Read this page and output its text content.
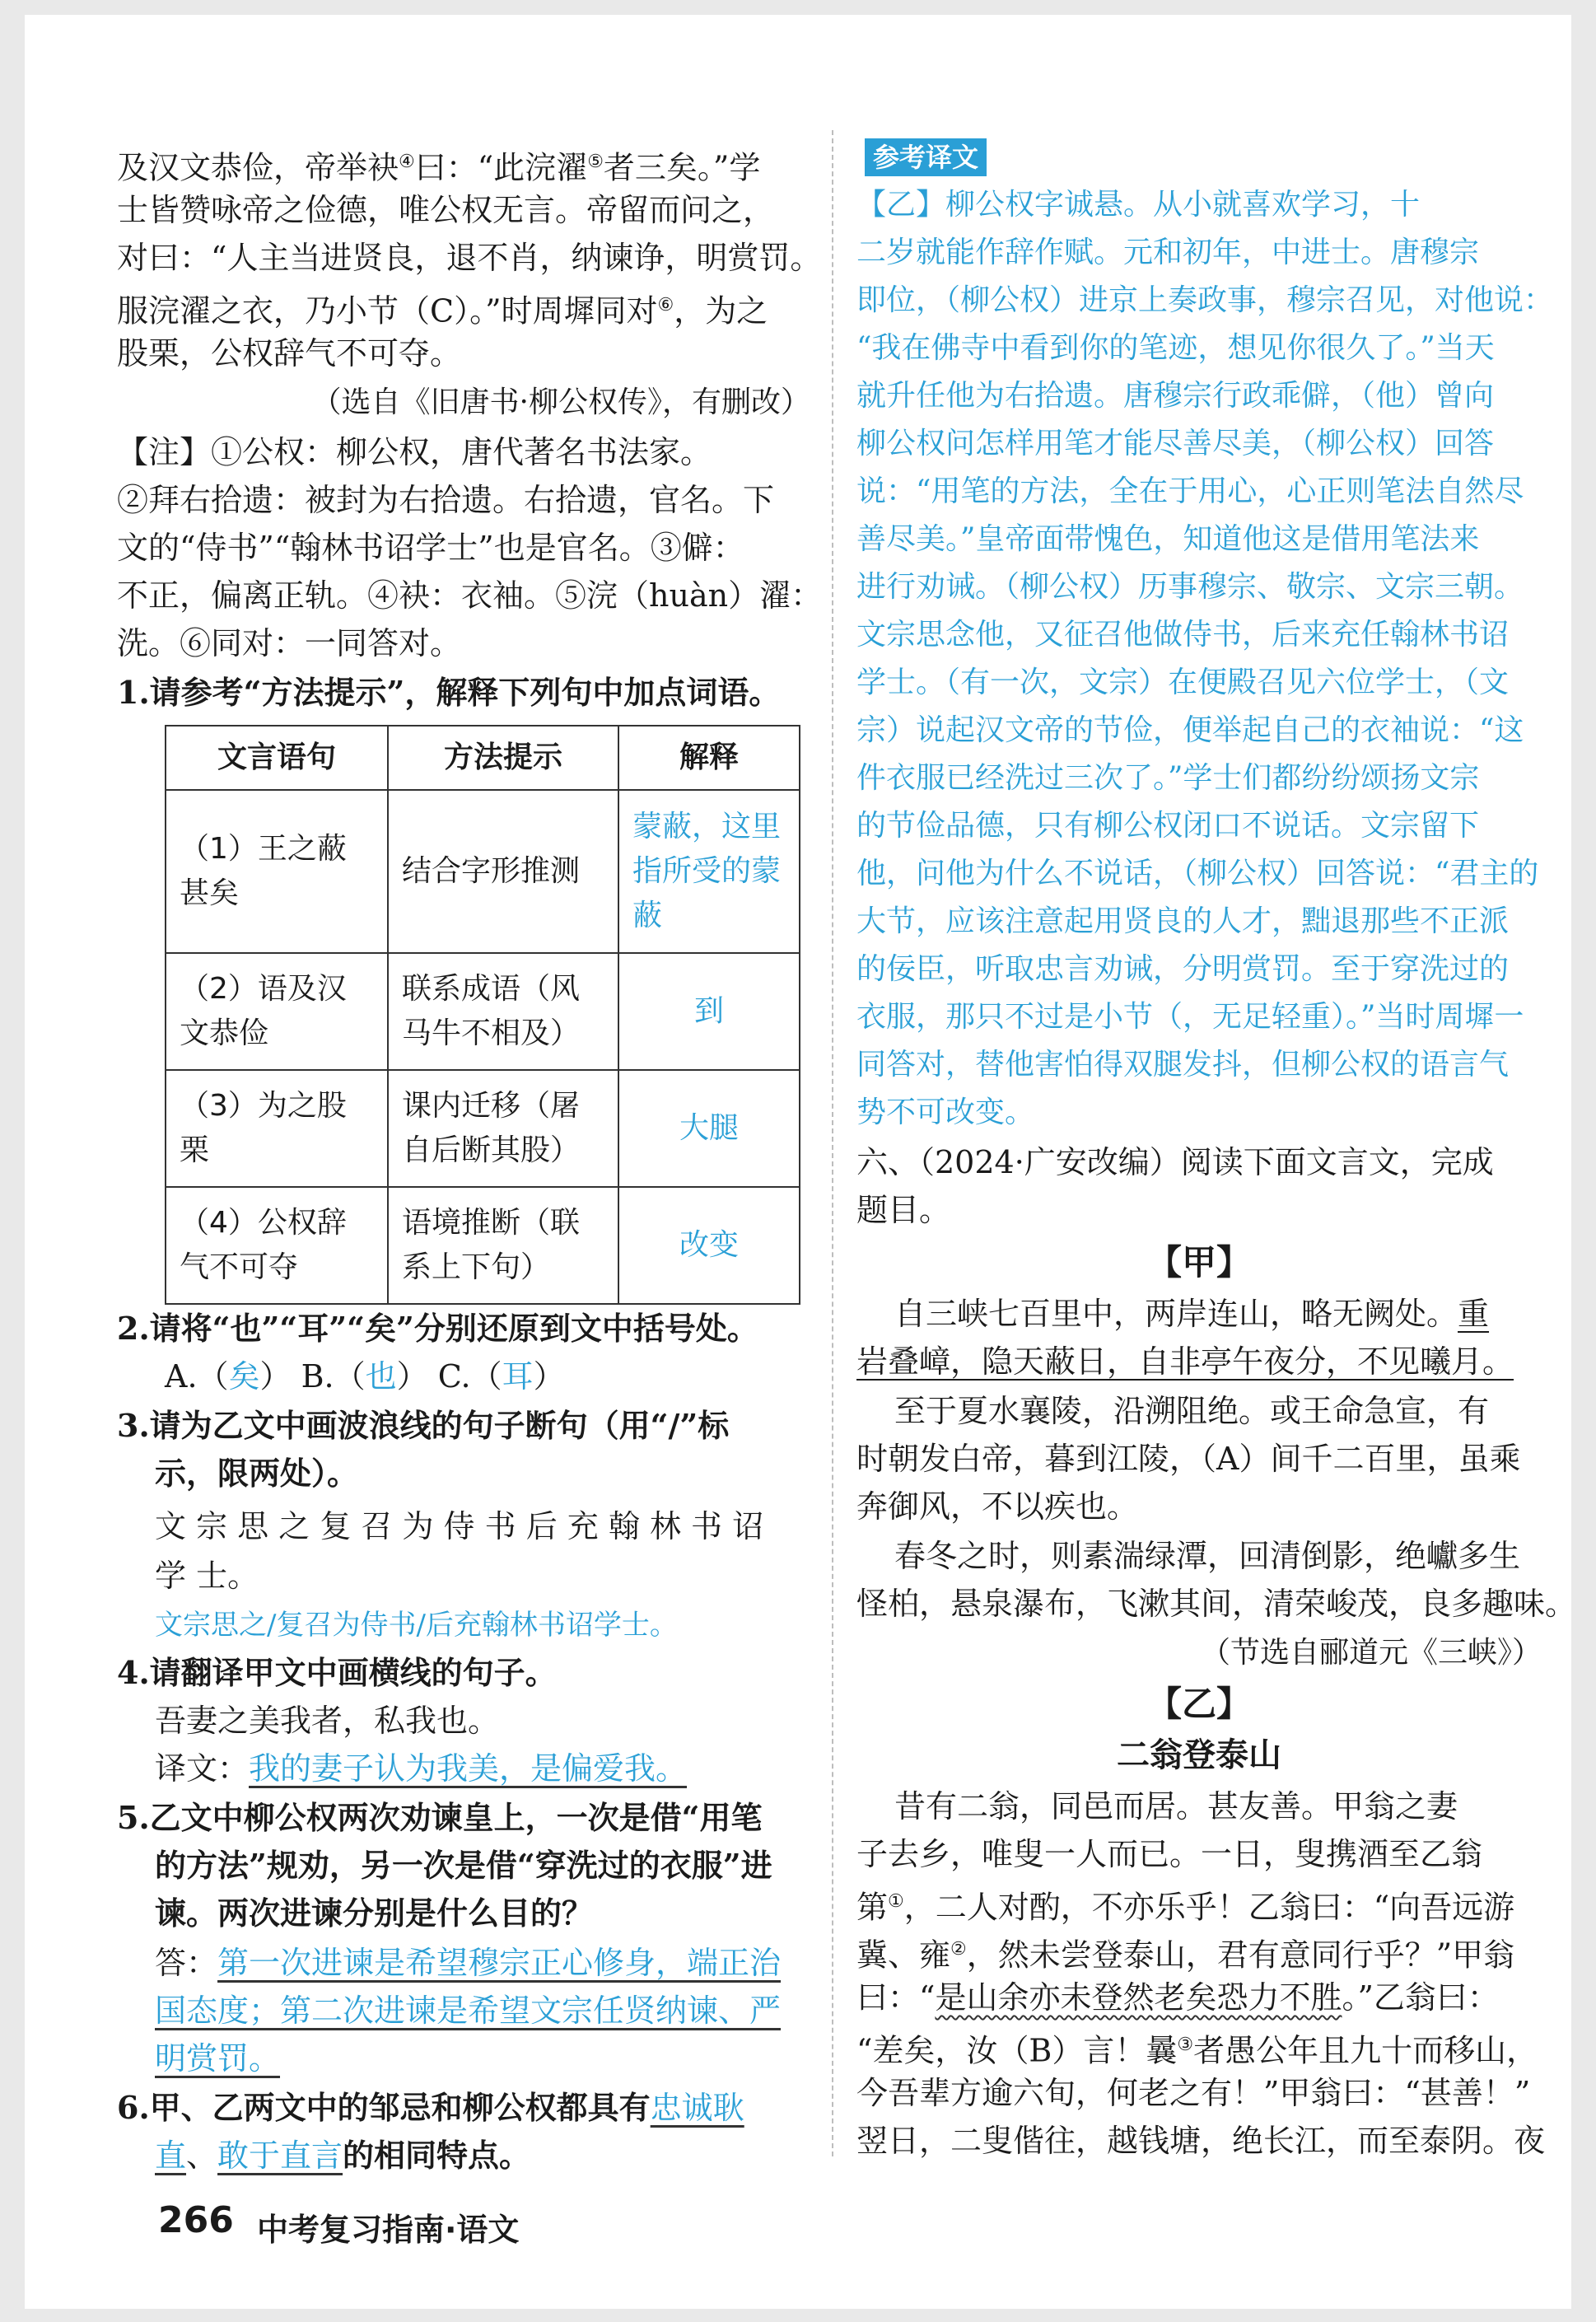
及汉文恭俭，帝举袂④曰：“此浣濯⑤者三矣。”学
士皆赞咏帝之俭德，唯公权无言。帝留而问之，
对曰：“人主当进贤良，退不肖，纳谏诤，明赏罚。
服浣濯之衣，乃小节（C）。”时周墀同对⑥，为之
股栗，公权辞气不可夺。
（选自《旧唐书·柳公权传》，有删改）
【注】①公权：柳公权，唐代著名书法家。
②拜右拾遗：被封为右拾遗。右拾遗，官名。下
文的“侍书”“翰林书诏学士”也是官名。③僻：
不正，偏离正轨。④袂：衣袖。⑤浣（huàn）濯：
洗。⑥同对：一同答对。
1.请参考“方法提示”，解释下列句中加点词语。
文言语句	方法提示	解释
（1）王之蔽甚矣	结合字形推测	蒙蔽，这里指所受的蒙蔽
（2）语及汉文恭俭	联系成语（风马牛不相及）	到
（3）为之股栗	课内迁移（屠自后断其股）	大腿
（4）公权辞气不可夺	语境推断（联系上下句）	改变
2.请将“也”“耳”“矣”分别还原到文中括号处。
A.（矣） B.（也） C.（耳）
3.请为乙文中画波浪线的句子断句（用“/”标
示，限两处）。
文 宗 思 之 复 召 为 侍 书 后 充 翰 林 书 诏
学 士。
文宗思之/复召为侍书/后充翰林书诏学士。
4.请翻译甲文中画横线的句子。
吾妻之美我者，私我也。
译文：我的妻子认为我美，是偏爱我。
5.乙文中柳公权两次劝谏皇上，一次是借“用笔
的方法”规劝，另一次是借“穿洗过的衣服”进
谏。两次进谏分别是什么目的？
答：第一次进谏是希望穆宗正心修身，端正治
国态度；第二次进谏是希望文宗任贤纳谏、严
明赏罚。
6.甲、乙两文中的邹忌和柳公权都具有忠诚耿
直、敢于直言的相同特点。
参考译文
【乙】柳公权字诚悬。从小就喜欢学习，十
二岁就能作辞作赋。元和初年，中进士。唐穆宗
即位，（柳公权）进京上奏政事，穆宗召见，对他说：
“我在佛寺中看到你的笔迹，想见你很久了。”当天
就升任他为右拾遗。唐穆宗行政乖僻，（他）曾向
柳公权问怎样用笔才能尽善尽美，（柳公权）回答
说：“用笔的方法，全在于用心，心正则笔法自然尽
善尽美。”皇帝面带愧色，知道他这是借用笔法来
进行劝诫。（柳公权）历事穆宗、敬宗、文宗三朝。
文宗思念他，又征召他做侍书，后来充任翰林书诏
学士。（有一次，文宗）在便殿召见六位学士，（文
宗）说起汉文帝的节俭，便举起自己的衣袖说：“这
件衣服已经洗过三次了。”学士们都纷纷颂扬文宗
的节俭品德，只有柳公权闭口不说话。文宗留下
他，问他为什么不说话，（柳公权）回答说：“君主的
大节，应该注意起用贤良的人才，黜退那些不正派
的佞臣，听取忠言劝诫，分明赏罚。至于穿洗过的
衣服，那只不过是小节（，无足轻重）。”当时周墀一
同答对，替他害怕得双腿发抖，但柳公权的语言气
势不可改变。
六、（2024·广安改编）阅读下面文言文，完成
题目。
【甲】
自三峡七百里中，两岸连山，略无阙处。重
岩叠嶂，隐天蔽日，自非亭午夜分，不见曦月。
至于夏水襄陵，沿溯阻绝。或王命急宣，有
时朝发白帝，暮到江陵，（A）间千二百里，虽乘
奔御风，不以疾也。
春冬之时，则素湍绿潭，回清倒影，绝巘多生
怪柏，悬泉瀑布，飞漱其间，清荣峻茂，良多趣味。
（节选自郦道元《三峡》）
【乙】
二翁登泰山
昔有二翁，同邑而居。甚友善。甲翁之妻
子去乡，唯叟一人而已。一日，叟携酒至乙翁
第①，二人对酌，不亦乐乎！乙翁曰：“向吾远游
冀、雍②，然未尝登泰山，君有意同行乎？”甲翁
曰：“是山余亦未登然老矣恐力不胜。”乙翁曰：
“差矣，汝（B）言！曩③者愚公年且九十而移山，
今吾辈方逾六旬，何老之有！”甲翁曰：“甚善！”
翌日，二叟偕往，越钱塘，绝长江，而至泰阴。夜
266 中考复习指南·语文
